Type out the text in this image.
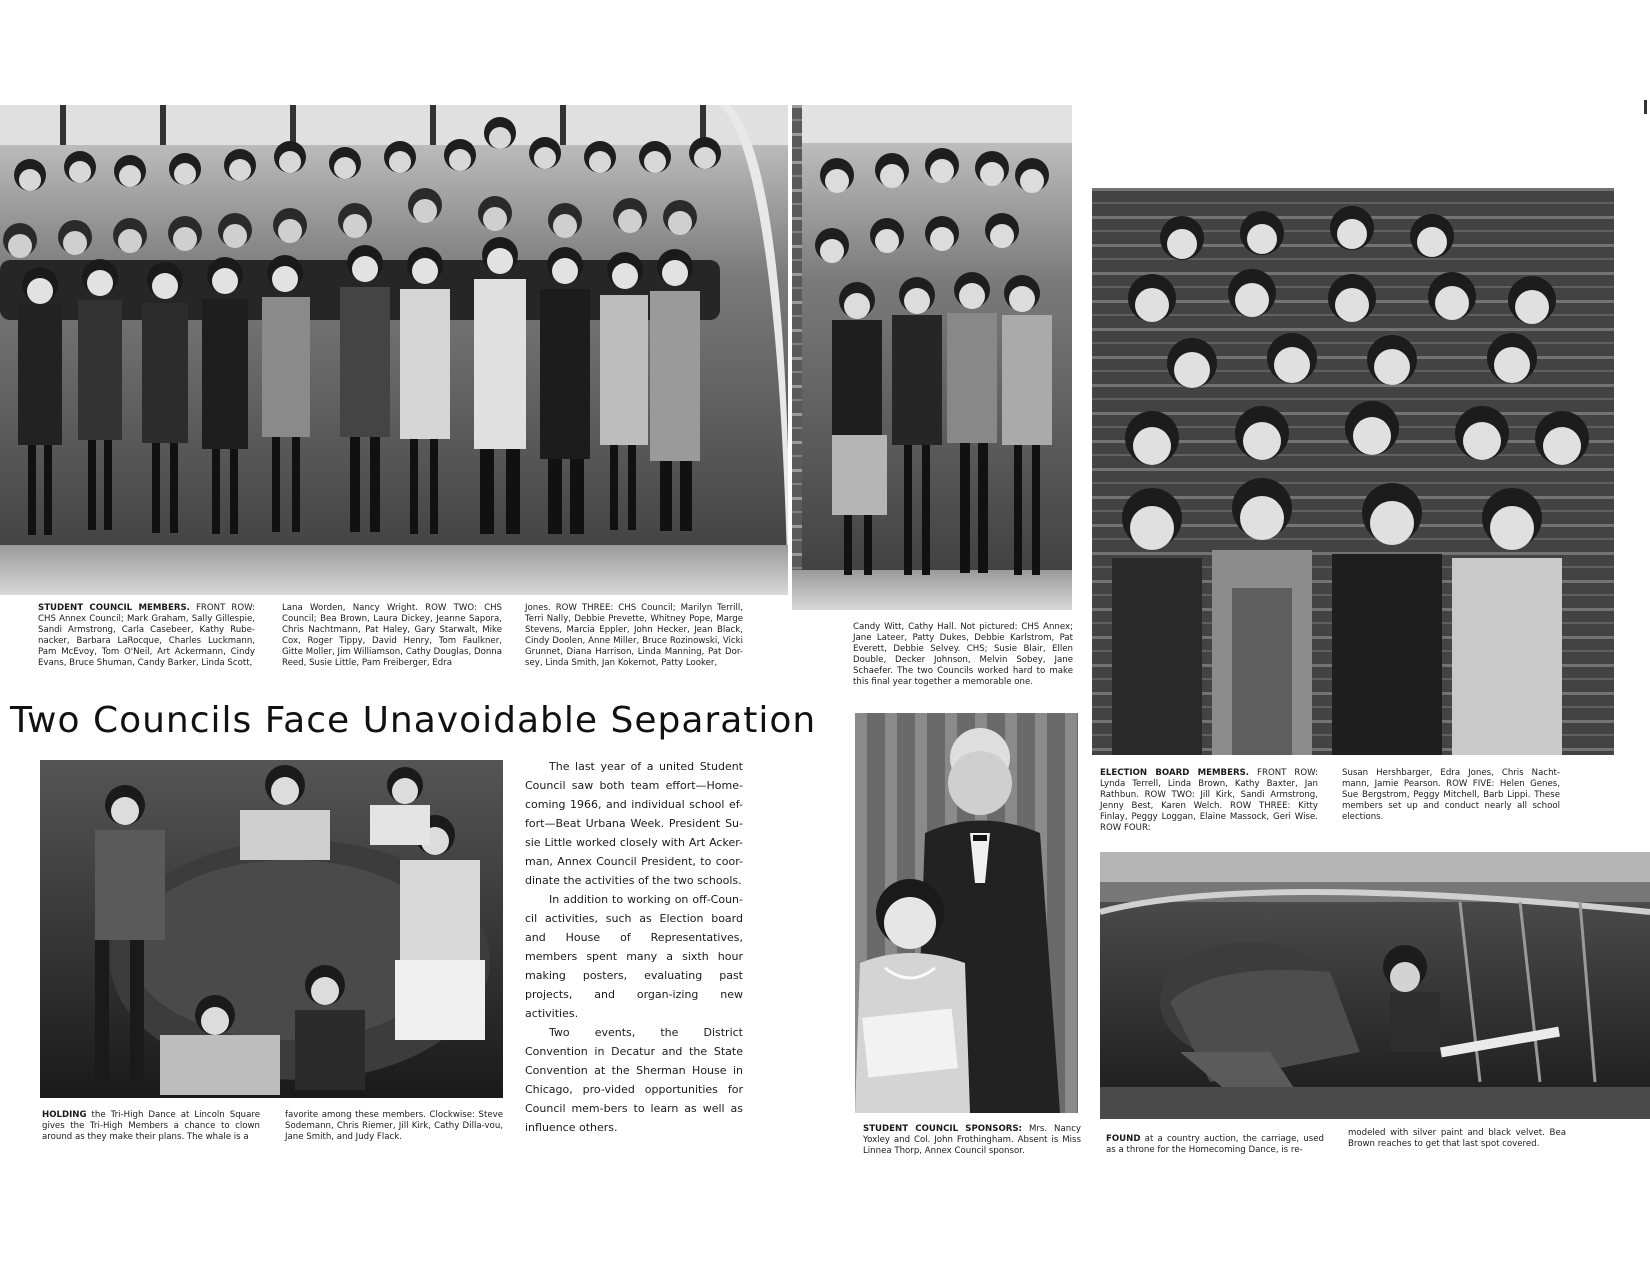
Two Councils Face Unavoidable Separation
STUDENT COUNCIL MEMBERS. FRONT ROW: CHS Annex Council; Mark Graham, Sally Gillespie, Sandi Armstrong, Carla Casebeer, Kathy Rube-nacker, Barbara LaRocque, Charles Luckmann, Pam McEvoy, Tom O'Neil, Art Ackermann, Cindy Evans, Bruce Shuman, Candy Barker, Linda Scott,
Lana Worden, Nancy Wright. ROW TWO: CHS Council; Bea Brown, Laura Dickey, Jeanne Sapora, Chris Nachtmann, Pat Haley, Gary Starwalt, Mike Cox, Roger Tippy, David Henry, Tom Faulkner, Gitte Moller, Jim Williamson, Cathy Douglas, Donna Reed, Susie Little, Pam Freiberger, Edra
Jones. ROW THREE: CHS Council; Marilyn Terrill, Terri Nally, Debbie Prevette, Whitney Pope, Marge Stevens, Marcia Eppler, John Hecker, Jean Black, Cindy Doolen, Anne Miller, Bruce Rozinowski, Vicki Grunnet, Diana Harrison, Linda Manning, Pat Dor-sey, Linda Smith, Jan Kokernot, Patty Looker,
Candy Witt, Cathy Hall. Not pictured: CHS Annex; Jane Lateer, Patty Dukes, Debbie Karlstrom, Pat Everett, Debbie Selvey. CHS; Susie Blair, Ellen Double, Decker Johnson, Melvin Sobey, Jane Schaefer. The two Councils worked hard to make this final year together a memorable one.

The last year of a united Student Council saw both team effort—Home-coming 1966, and individual school ef-fort—Beat Urbana Week. President Su-sie Little worked closely with Art Acker-man, Annex Council President, to coor-dinate the activities of the two schools.

In addition to working on off-Coun-cil activities, such as Election board and House of Representatives, members spent many a sixth hour making posters, evaluating past projects, and organ-izing new activities.

Two events, the District Convention in Decatur and the State Convention at the Sherman House in Chicago, pro-vided opportunities for Council mem-bers to learn as well as influence others.

ELECTION BOARD MEMBERS. FRONT ROW: Lynda Terrell, Linda Brown, Kathy Baxter, Jan Rathbun. ROW TWO: Jill Kirk, Sandi Armstrong, Jenny Best, Karen Welch. ROW THREE: Kitty Finlay, Peggy Loggan, Elaine Massock, Geri Wise. ROW FOUR:
Susan Hershbarger, Edra Jones, Chris Nacht-mann, Jamie Pearson. ROW FIVE: Helen Genes, Sue Bergstrom, Peggy Mitchell, Barb Lippi. These members set up and conduct nearly all school elections.
HOLDING the Tri-High Dance at Lincoln Square gives the Tri-High Members a chance to clown around as they make their plans. The whale is a
favorite among these members. Clockwise: Steve Sodemann, Chris Riemer, Jill Kirk, Cathy Dilla-vou, Jane Smith, and Judy Flack.
STUDENT COUNCIL SPONSORS: Mrs. Nancy Yoxley and Col. John Frothingham. Absent is Miss Linnea Thorp, Annex Council sponsor.
FOUND at a country auction, the carriage, used as a throne for the Homecoming Dance, is re-
modeled with silver paint and black velvet. Bea Brown reaches to get that last spot covered.
